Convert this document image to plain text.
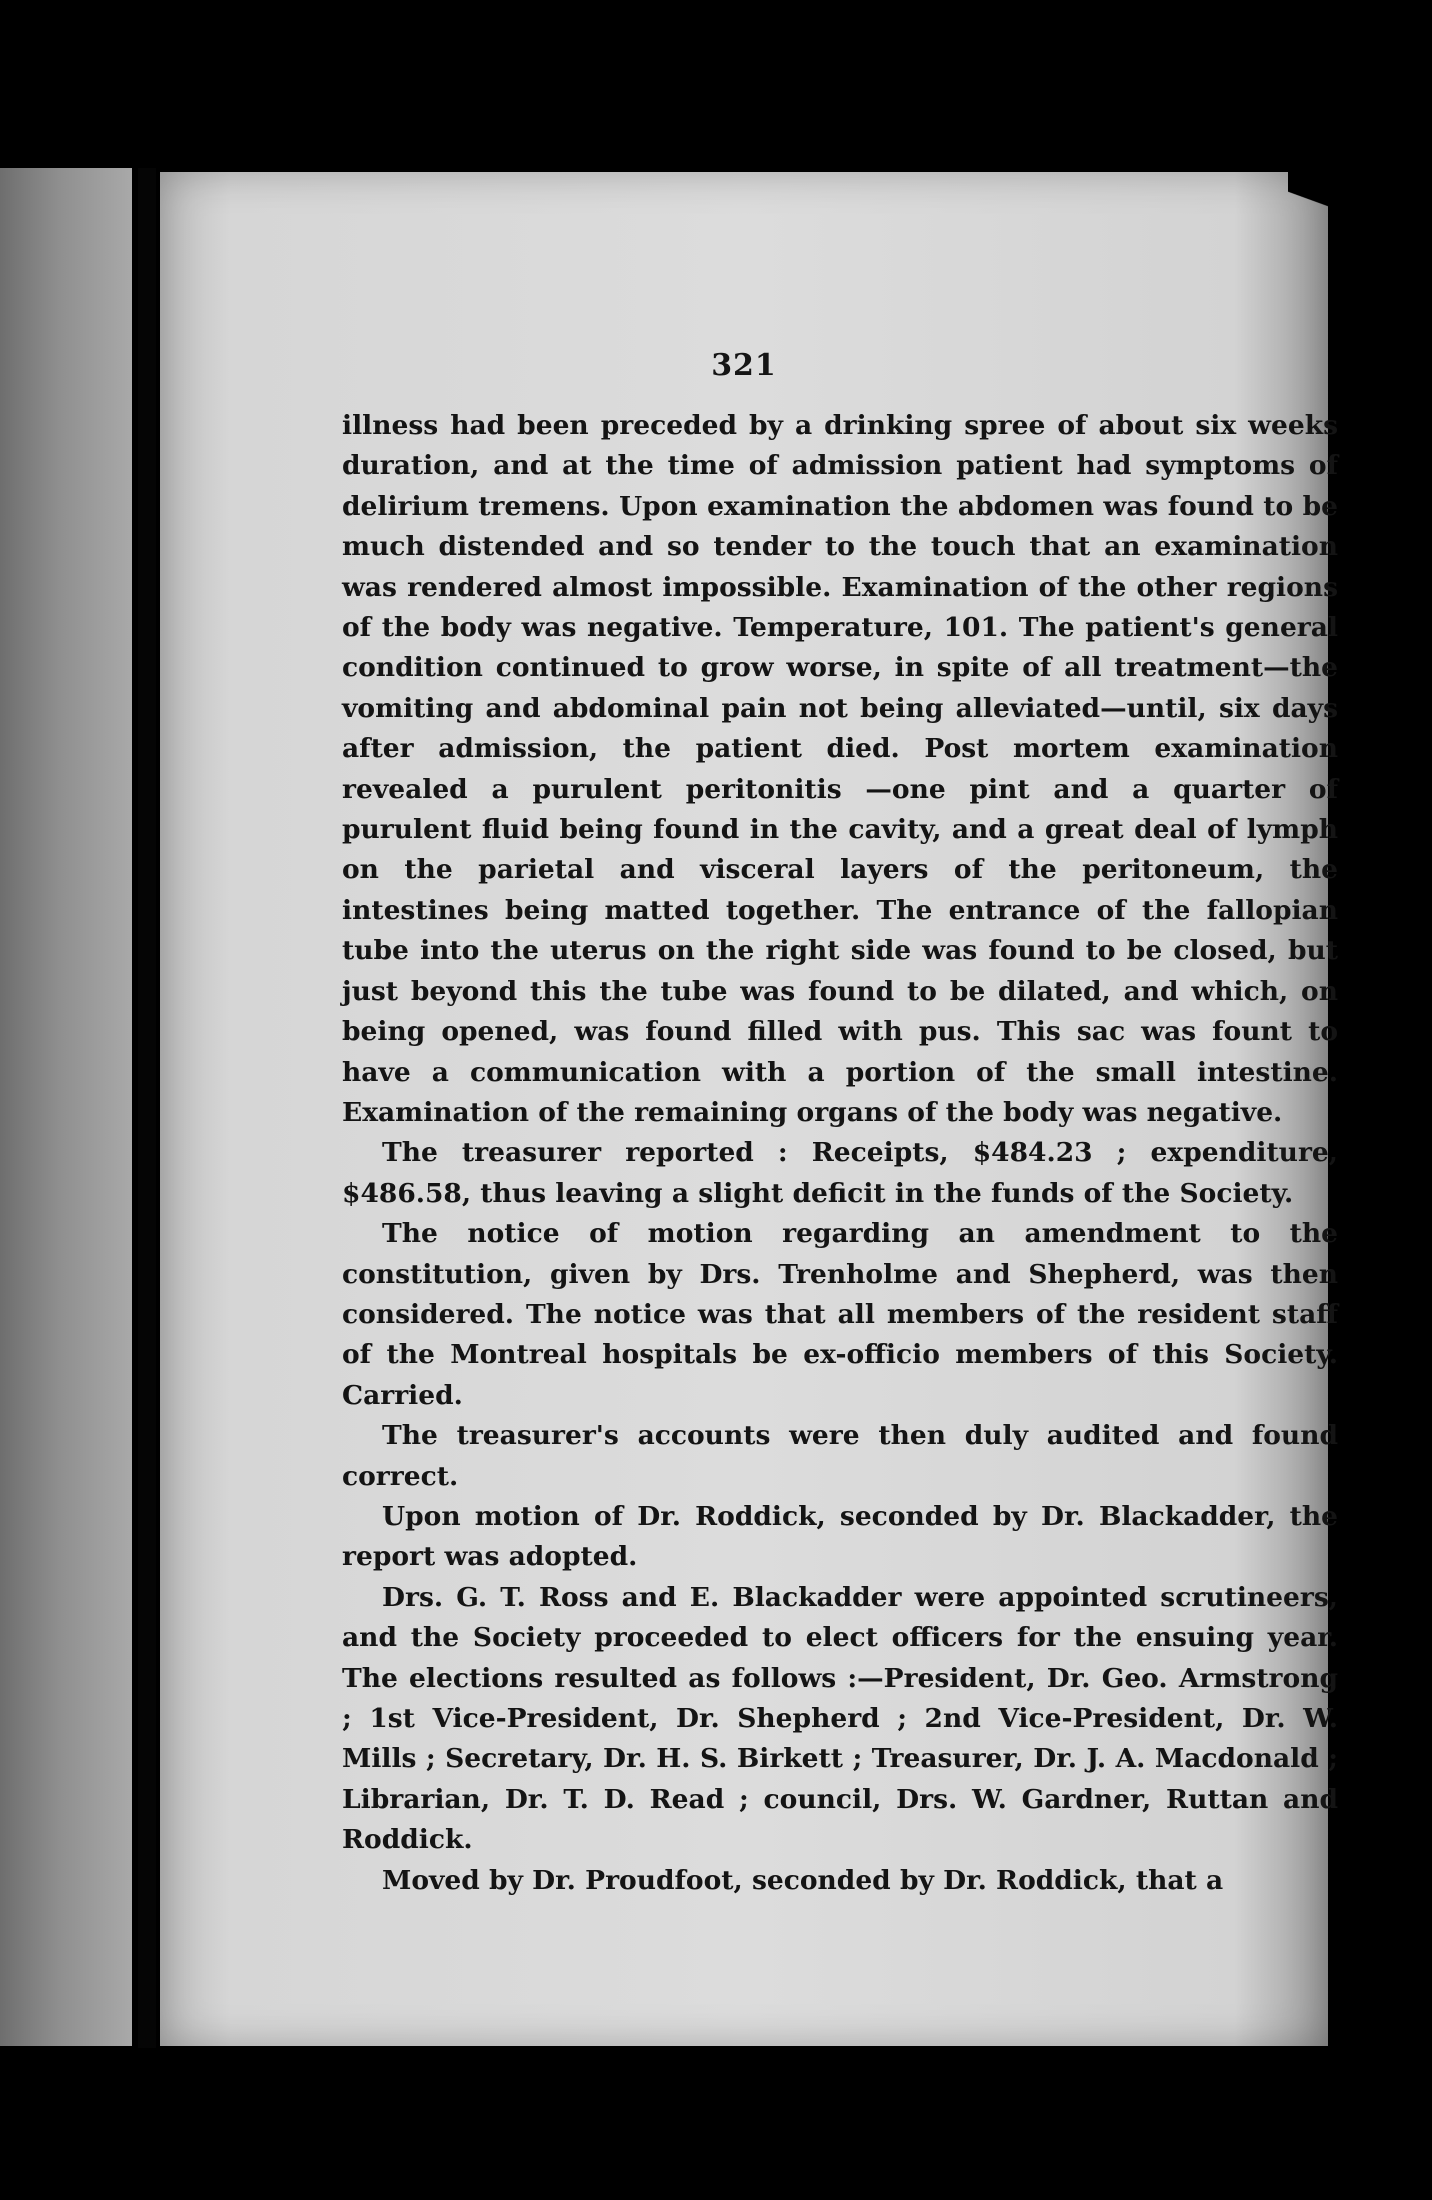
321

illness had been preceded by a drinking spree of about six weeks duration, and at the time of admission patient had symptoms of delirium tremens. Upon examination the abdomen was found to be much distended and so tender to the touch that an examination was rendered almost impossible. Examination of the other regions of the body was negative. Temperature, 101. The patient's general condition continued to grow worse, in spite of all treatment—the vomiting and abdominal pain not being alleviated—until, six days after admission, the patient died. Post mortem examination revealed a purulent peritonitis —one pint and a quarter of purulent fluid being found in the cavity, and a great deal of lymph on the parietal and visceral layers of the peritoneum, the intestines being matted together. The entrance of the fallopian tube into the uterus on the right side was found to be closed, but just beyond this the tube was found to be dilated, and which, on being opened, was found filled with pus. This sac was fount to have a communication with a portion of the small intestine. Examination of the remaining organs of the body was negative.

The treasurer reported : Receipts, $484.23 ; expenditure, $486.58, thus leaving a slight deficit in the funds of the Society.

The notice of motion regarding an amendment to the constitution, given by Drs. Trenholme and Shepherd, was then considered. The notice was that all members of the resident staff of the Montreal hospitals be ex-officio members of this Society. Carried.

The treasurer's accounts were then duly audited and found correct.

Upon motion of Dr. Roddick, seconded by Dr. Blackadder, the report was adopted.

Drs. G. T. Ross and E. Blackadder were appointed scrutineers, and the Society proceeded to elect officers for the ensuing year. The elections resulted as follows :—President, Dr. Geo. Armstrong ; 1st Vice-President, Dr. Shepherd ; 2nd Vice-President, Dr. W. Mills ; Secretary, Dr. H. S. Birkett ; Treasurer, Dr. J. A. Macdonald ; Librarian, Dr. T. D. Read ; council, Drs. W. Gardner, Ruttan and Roddick.

Moved by Dr. Proudfoot, seconded by Dr. Roddick, that a
